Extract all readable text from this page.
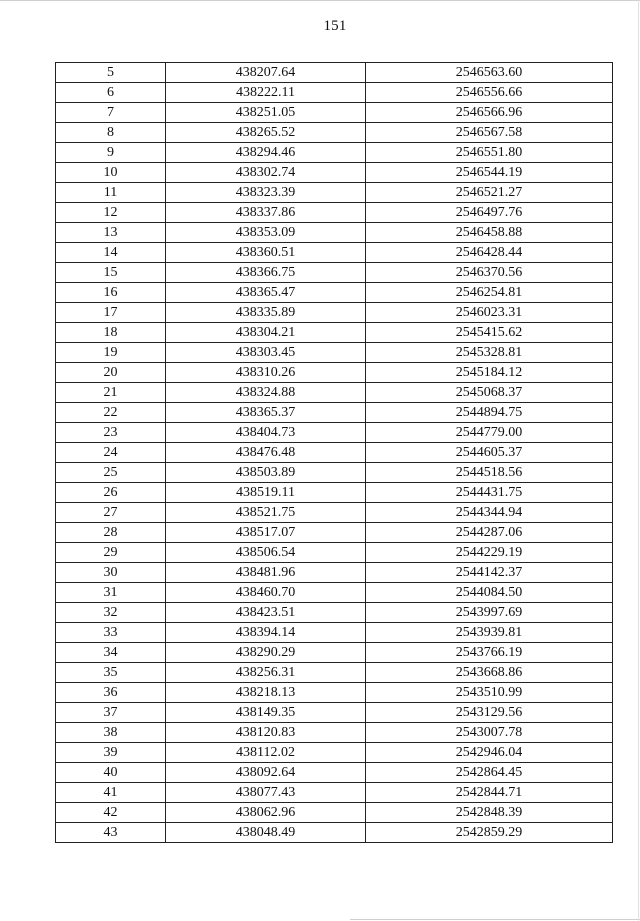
151
5	438207.64	2546563.60
6	438222.11	2546556.66
7	438251.05	2546566.96
8	438265.52	2546567.58
9	438294.46	2546551.80
10	438302.74	2546544.19
11	438323.39	2546521.27
12	438337.86	2546497.76
13	438353.09	2546458.88
14	438360.51	2546428.44
15	438366.75	2546370.56
16	438365.47	2546254.81
17	438335.89	2546023.31
18	438304.21	2545415.62
19	438303.45	2545328.81
20	438310.26	2545184.12
21	438324.88	2545068.37
22	438365.37	2544894.75
23	438404.73	2544779.00
24	438476.48	2544605.37
25	438503.89	2544518.56
26	438519.11	2544431.75
27	438521.75	2544344.94
28	438517.07	2544287.06
29	438506.54	2544229.19
30	438481.96	2544142.37
31	438460.70	2544084.50
32	438423.51	2543997.69
33	438394.14	2543939.81
34	438290.29	2543766.19
35	438256.31	2543668.86
36	438218.13	2543510.99
37	438149.35	2543129.56
38	438120.83	2543007.78
39	438112.02	2542946.04
40	438092.64	2542864.45
41	438077.43	2542844.71
42	438062.96	2542848.39
43	438048.49	2542859.29
